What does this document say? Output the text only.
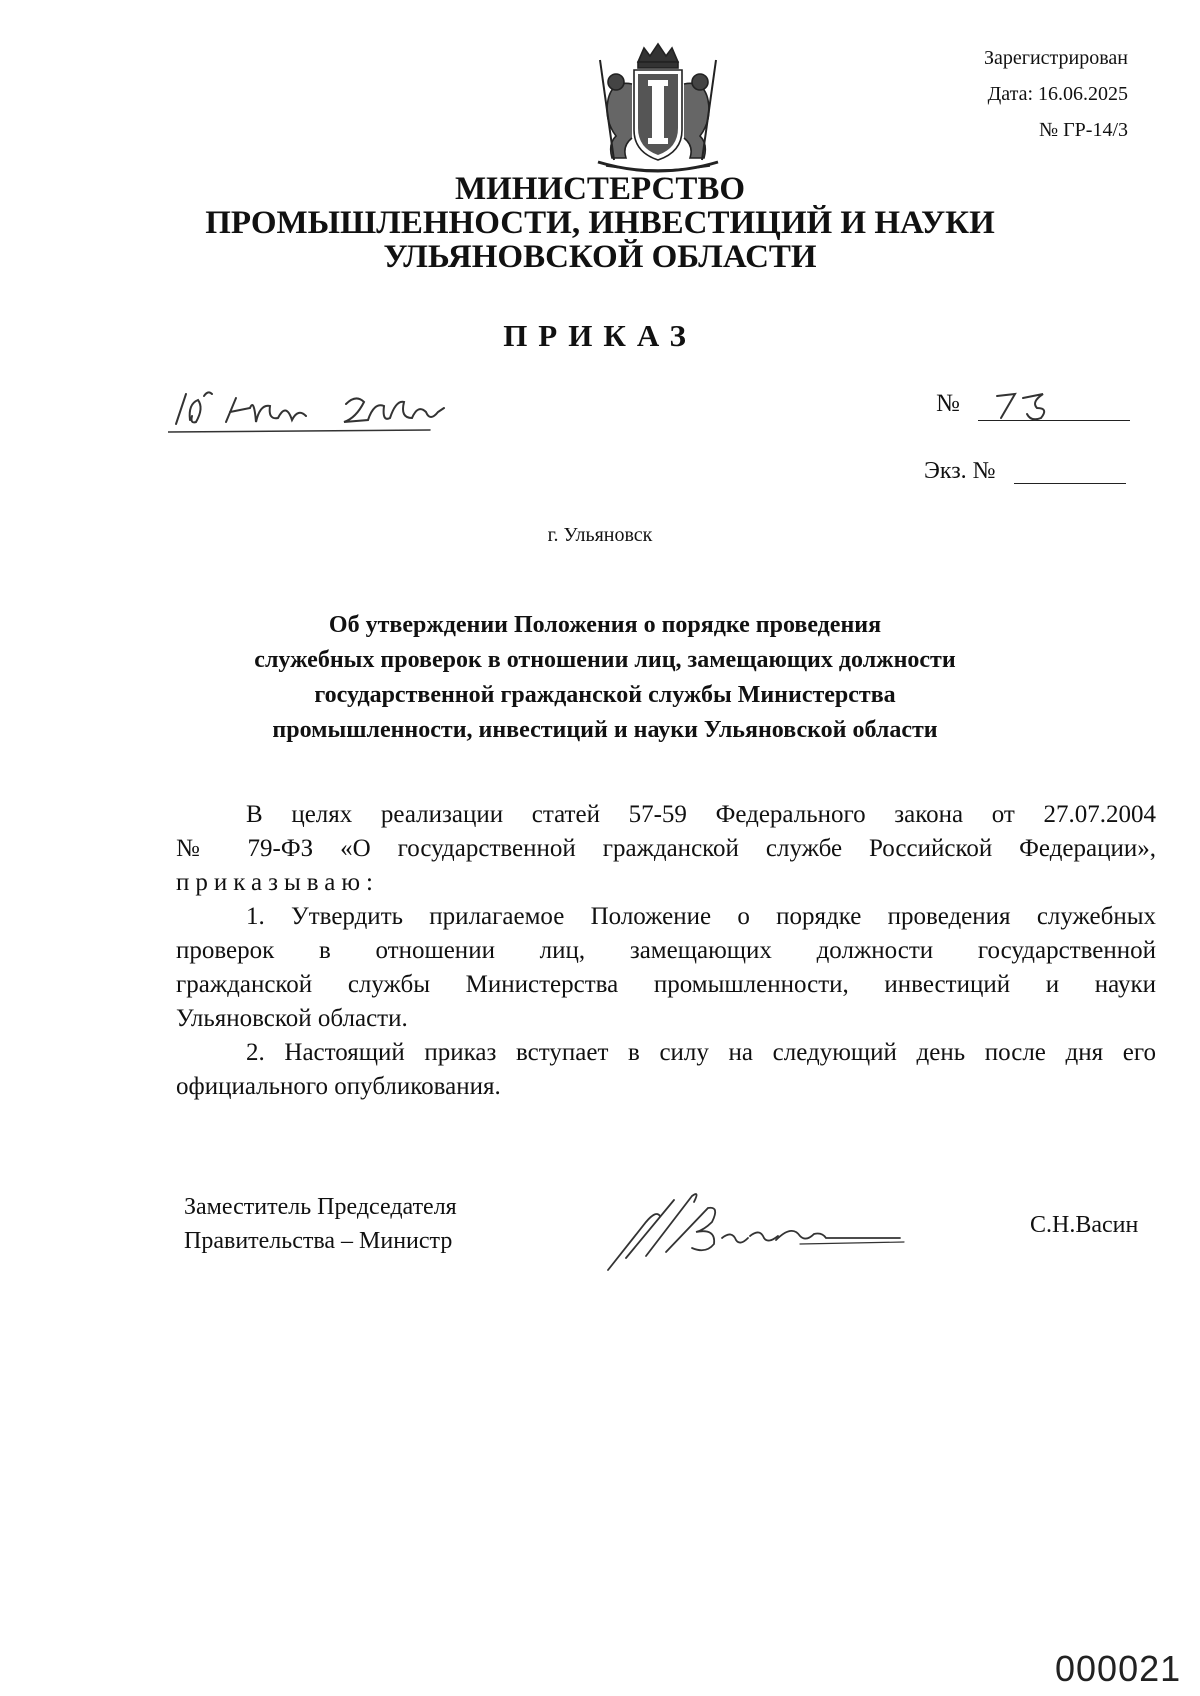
Зарегистрирован
Дата: 16.06.2025
№ ГР-14/3
МИНИСТЕРСТВО
ПРОМЫШЛЕННОСТИ, ИНВЕСТИЦИЙ И НАУКИ
УЛЬЯНОВСКОЙ ОБЛАСТИ
ПРИКАЗ
№
Экз. №
г. Ульяновск
Об утверждении Положения о порядке проведения
служебных проверок в отношении лиц, замещающих должности
государственной гражданской службы Министерства
промышленности, инвестиций и науки Ульяновской области

В целях реализации статей 57-59 Федерального закона от 27.07.2004

№ 79-ФЗ «О государственной гражданской службе Российской Федерации»,

приказываю:

1. Утвердить прилагаемое Положение о порядке проведения служебных

проверок в отношении лиц, замещающих должности государственной

гражданской службы Министерства промышленности, инвестиций и науки

Ульяновской области.

2. Настоящий приказ вступает в силу на следующий день после дня его

официального опубликования.

Заместитель Председателя
Правительства – Министр
С.Н.Васин
000021
